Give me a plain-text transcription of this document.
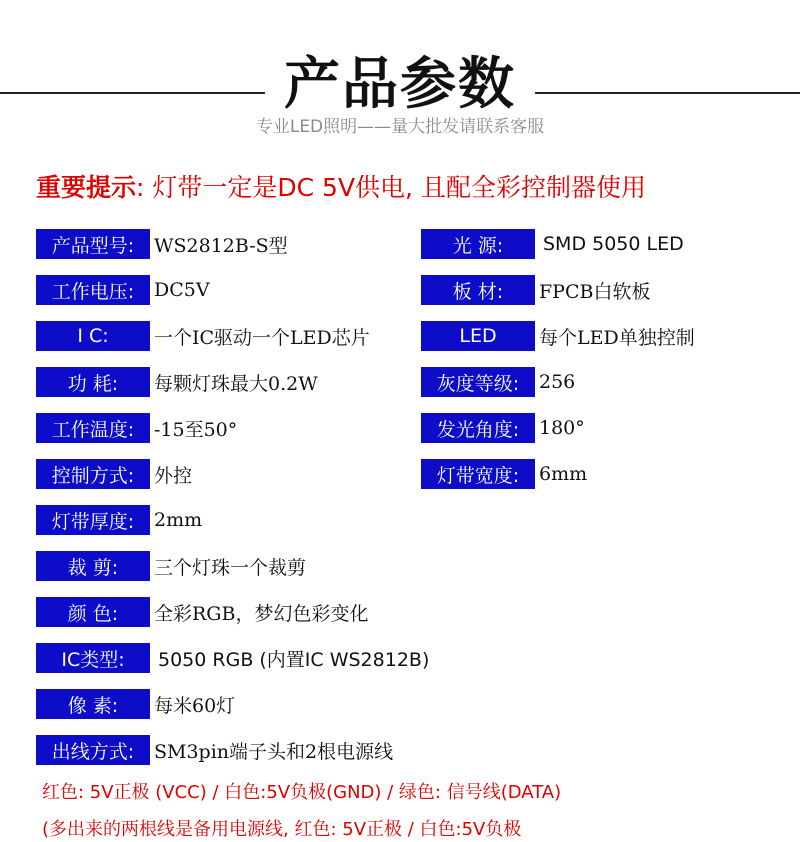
产品参数
专业LED照明——量大批发请联系客服
重要提示: 灯带一定是DC 5V供电, 且配全彩控制器使用
产品型号:	WS2812B-S型
工作电压:	DC5V
I C:	一个IC驱动一个LED芯片
功 耗:	每颗灯珠最大0.2W
工作温度:	-15至50°
控制方式:	外控
灯带厚度:	2mm
裁 剪:	三个灯珠一个裁剪
颜 色:	全彩RGB，梦幻色彩变化
IC类型:	5050 RGB (内置IC WS2812B)
像 素:	每米60灯
出线方式:	SM3pin端子头和2根电源线
光 源:	SMD 5050 LED
板 材:	FPCB白软板
LED	每个LED单独控制
灰度等级:	256
发光角度:	180°
灯带宽度:	6mm
红色: 5V正极 (VCC) / 白色:5V负极(GND) / 绿色: 信号线(DATA)
(多出来的两根线是备用电源线, 红色: 5V正极 / 白色:5V负极
